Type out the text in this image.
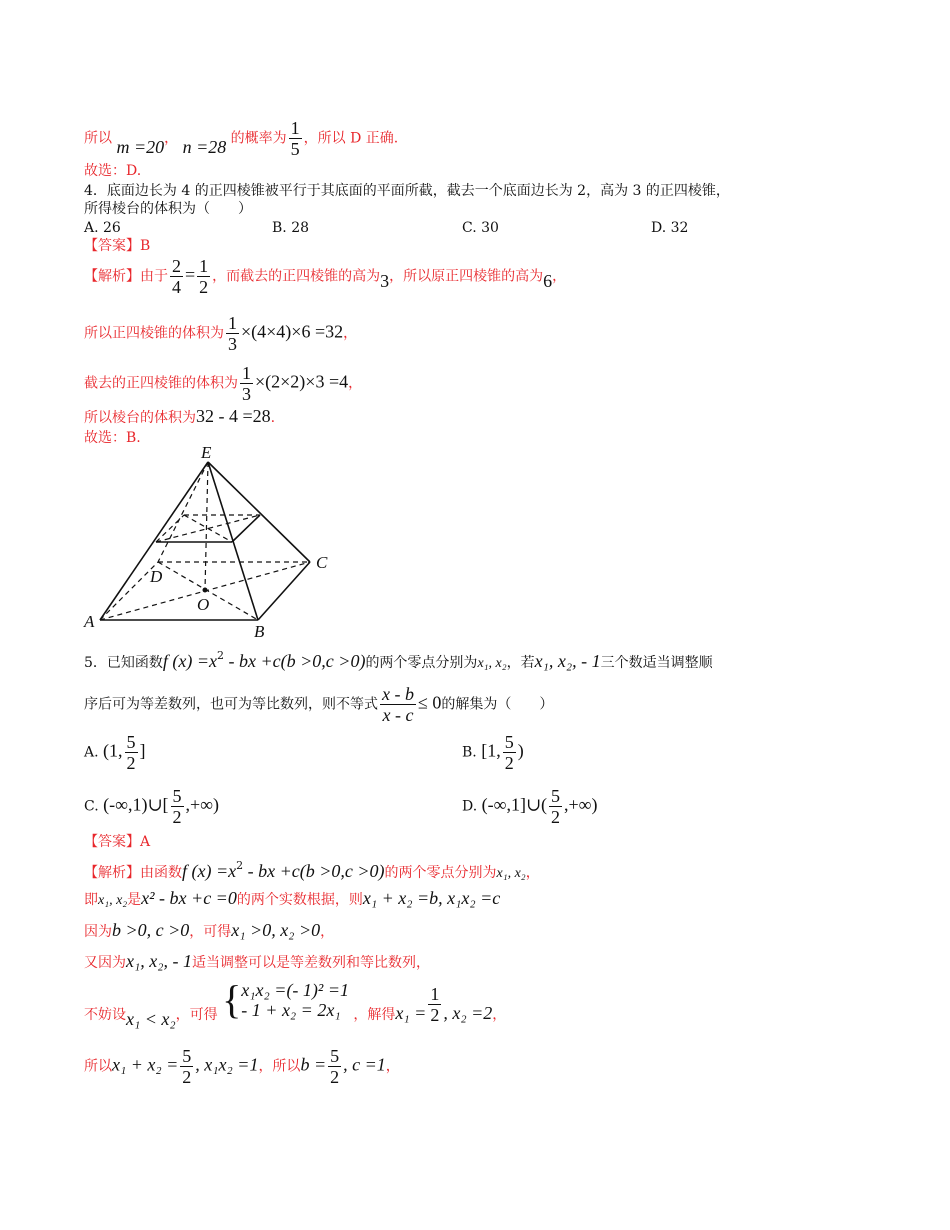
所以 m =20， n =28 的概率为 $\frac{1}{5}$ ，所以 D 正确.
故选：D.
4．底面边长为 4 的正四棱锥被平行于其底面的平面所截，截去一个底面边长为 2，高为 3 的正四棱锥，
所得棱台的体积为（　　）
A. 26	B. 28	C. 30	D. 32
【答案】B
【解析】由于 $\frac{2}{4} = \frac{1}{2}$ ，而截去的正四棱锥的高为3，所以原正四棱锥的高为6，
所以正四棱锥的体积为 $\frac{1}{3} \times(4\times 4)\times 6 =32$，
截去的正四棱锥的体积为 $\frac{1}{3} \times(2\times 2)\times 3 =4$，
所以棱台的体积为32 - 4 =28.
故选：B.
E
C
D
O
A
B
5．已知函数f $(x) =x^2$ - bx +c(b >0,c >0)的两个零点分别为x₁, x₂，若x₁, x₂, - 1三个数适当调整顺
序后可为等差数列，也可为等比数列，则不等式 $\frac{x - b}{x - c} \le 0$的解集为（　　）
A. (1, $\frac{5}{2}$ ]	B. [1, $\frac{5}{2}$ )
C. (-∞,1)∪[ $\frac{5}{2}$ ,+∞)	D. (-∞,1]∪( $\frac{5}{2}$ ,+∞)
【答案】A
【解析】由函数f $(x) =x^2$ - bx +c(b >0,c >0)的两个零点分别为x₁, x₂，
即x₁, x₂是x² - bx +c =0的两个实数根据，则x₁ + x₂ =b, x₁x₂ =c
因为b >0, c >0，可得x₁ >0, x₂ >0，
又因为x₁, x₂, - 1适当调整可以是等差数列和等比数列，
不妨设x₁ < x₂，可得 { x₁x₂ =(- 1)² =1
- 1 + x₂ = 2x₁ ，解得$x_1 = \frac{1}{2}$ , x₂ =2，
所以$x_1 + x_2 = \frac{5}{2}$ , x₁x₂ =1，所以$b = \frac{5}{2}$ , c =1，
